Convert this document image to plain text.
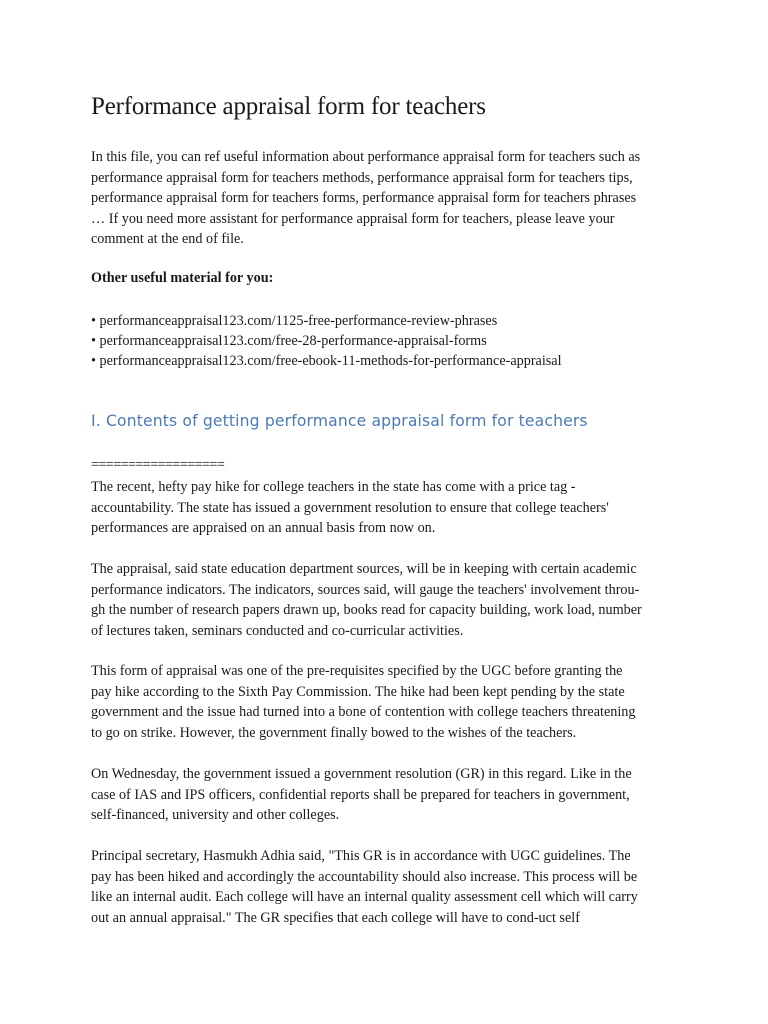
Performance appraisal form for teachers
In this file, you can ref useful information about performance appraisal form for teachers such as
performance appraisal form for teachers methods, performance appraisal form for teachers tips,
performance appraisal form for teachers forms, performance appraisal form for teachers phrases
… If you need more assistant for performance appraisal form for teachers, please leave your
comment at the end of file.

Other useful material for you:

• performanceappraisal123.com/1125-free-performance-review-phrases
• performanceappraisal123.com/free-28-performance-appraisal-forms
• performanceappraisal123.com/free-ebook-11-methods-for-performance-appraisal
I. Contents of getting performance appraisal form for teachers
==================
The recent, hefty pay hike for college teachers in the state has come with a price tag -
accountability. The state has issued a government resolution to ensure that college teachers'
performances are appraised on an annual basis from now on.
The appraisal, said state education department sources, will be in keeping with certain academic
performance indicators. The indicators, sources said, will gauge the teachers' involvement throu-
gh the number of research papers drawn up, books read for capacity building, work load, number
of lectures taken, seminars conducted and co-curricular activities.
This form of appraisal was one of the pre-requisites specified by the UGC before granting the
pay hike according to the Sixth Pay Commission. The hike had been kept pending by the state
government and the issue had turned into a bone of contention with college teachers threatening
to go on strike. However, the government finally bowed to the wishes of the teachers.
On Wednesday, the government issued a government resolution (GR) in this regard. Like in the
case of IAS and IPS officers, confidential reports shall be prepared for teachers in government,
self-financed, university and other colleges.
Principal secretary, Hasmukh Adhia said, "This GR is in accordance with UGC guidelines. The
pay has been hiked and accordingly the accountability should also increase. This process will be
like an internal audit. Each college will have an internal quality assessment cell which will carry
out an annual appraisal." The GR specifies that each college will have to cond-uct self
